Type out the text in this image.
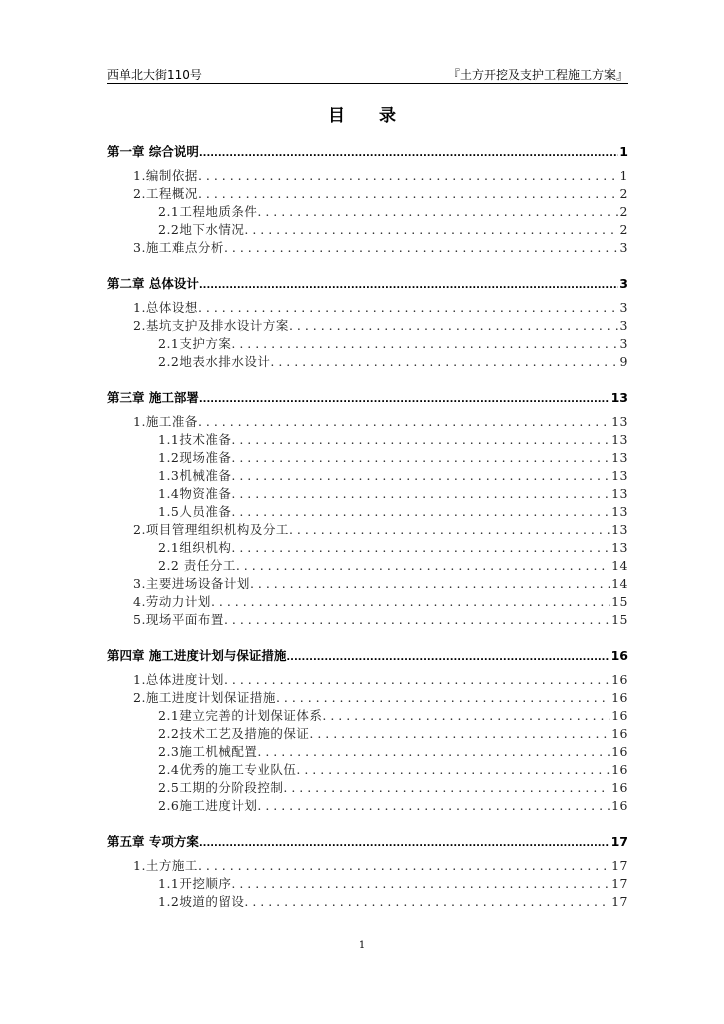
西单北大街110号	『土方开挖及支护工程施工方案』
目 录
第一章 综合说明 .....	1
1.编制依据 . . .	1
2.工程概况 . . .	2
2.1工程地质条件 . . .	2
2.2地下水情况 . . .	2
3.施工难点分析 . . .	3
第二章 总体设计 .....	3
1.总体设想 . . .	3
2.基坑支护及排水设计方案 . . .	3
2.1支护方案 . . .	3
2.2地表水排水设计 . . .	9
第三章 施工部署 .....	13
1.施工准备 . . .	13
1.1技术准备 . . .	13
1.2现场准备 . . .	13
1.3机械准备 . . .	13
1.4物资准备 . . .	13
1.5人员准备 . . .	13
2.项目管理组织机构及分工 . . .	13
2.1组织机构 . . .	13
2.2 责任分工 . . .	14
3.主要进场设备计划 . . .	14
4.劳动力计划 . . .	15
5.现场平面布置 . . .	15
第四章 施工进度计划与保证措施 .....	16
1.总体进度计划 . . .	16
2.施工进度计划保证措施 . . .	16
2.1建立完善的计划保证体系 . . .	16
2.2技术工艺及措施的保证 . . .	16
2.3施工机械配置 . . .	16
2.4优秀的施工专业队伍 . . .	16
2.5工期的分阶段控制 . . .	16
2.6施工进度计划 . . .	16
第五章 专项方案 .....	17
1.土方施工 . . .	17
1.1开挖顺序 . . .	17
1.2坡道的留设 . . .	17
1
